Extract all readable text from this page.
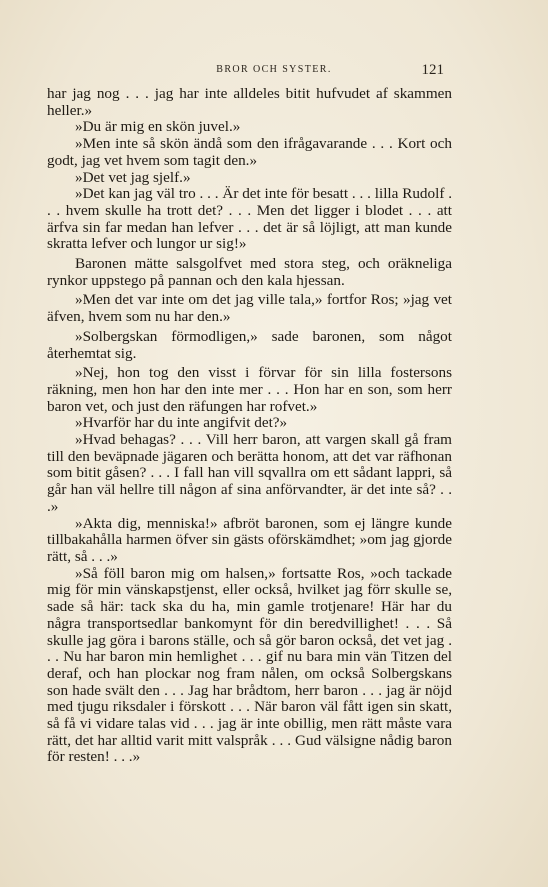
BROR OCH SYSTER.	121

har jag nog . . . jag har inte alldeles bitit hufvudet af skammen heller.»

»Du är mig en skön juvel.»

»Men inte så skön ändå som den ifrågavarande . . . Kort och godt, jag vet hvem som tagit den.»

»Det vet jag sjelf.»

»Det kan jag väl tro . . . Är det inte för besatt . . . lilla Rudolf . . . hvem skulle ha trott det? . . . Men det ligger i blodet . . . att ärfva sin far medan han lefver . . . det är så löjligt, att man kunde skratta lefver och lungor ur sig!»

Baronen mätte salsgolfvet med stora steg, och oräkneliga rynkor uppstego på pannan och den kala hjessan.

»Men det var inte om det jag ville tala,» fortfor Ros; »jag vet äfven, hvem som nu har den.»

»Solbergskan förmodligen,» sade baronen, som något återhemtat sig.

»Nej, hon tog den visst i förvar för sin lilla fostersons räkning, men hon har den inte mer . . . Hon har en son, som herr baron vet, och just den räfungen har rofvet.»

»Hvarför har du inte angifvit det?»

»Hvad behagas? . . . Vill herr baron, att vargen skall gå fram till den beväpnade jägaren och berätta honom, att det var räfhonan som bitit gåsen? . . . I fall han vill sqvallra om ett sådant lappri, så går han väl hellre till någon af sina anförvandter, är det inte så? . . .»

»Akta dig, menniska!» afbröt baronen, som ej längre kunde tillbakahålla harmen öfver sin gästs oförskämdhet; »om jag gjorde rätt, så . . .»

»Så föll baron mig om halsen,» fortsatte Ros, »och tackade mig för min vänskapstjenst, eller också, hvilket jag förr skulle se, sade så här: tack ska du ha, min gamle trotjenare! Här har du några transportsedlar bankomynt för din beredvillighet! . . . Så skulle jag göra i barons ställe, och så gör baron också, det vet jag . . . Nu har baron min hemlighet . . . gif nu bara min vän Titzen del deraf, och han plockar nog fram nålen, om också Solbergskans son hade svält den . . . Jag har brådtom, herr baron . . . jag är nöjd med tjugu riksdaler i förskott . . . När baron väl fått igen sin skatt, så få vi vidare talas vid . . . jag är inte obillig, men rätt måste vara rätt, det har alltid varit mitt valspråk . . . Gud välsigne nådig baron för resten! . . .»
